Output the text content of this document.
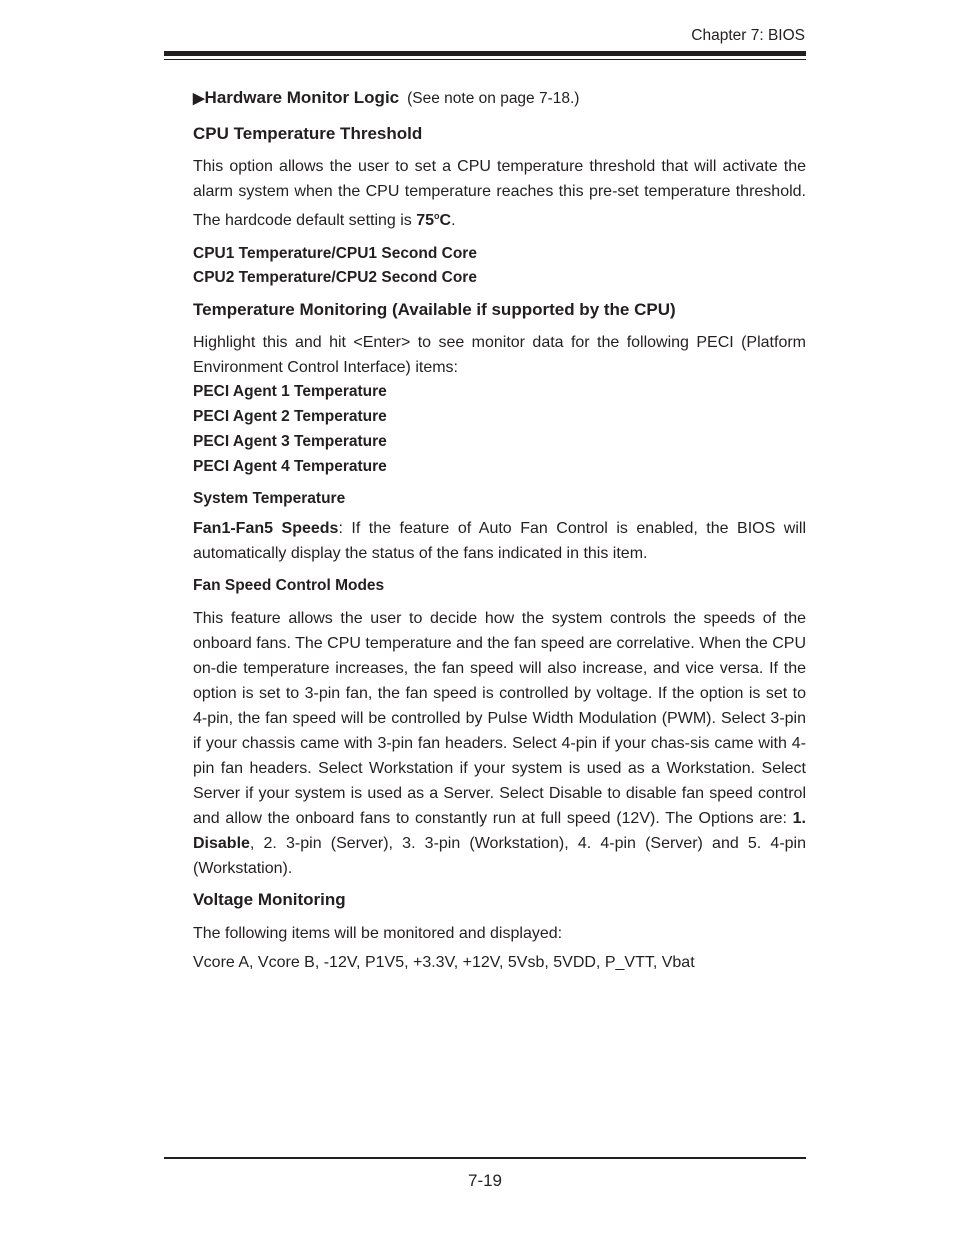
Chapter 7: BIOS
▶Hardware Monitor Logic (See note on page 7-18.)
CPU Temperature Threshold

This option allows the user to set a CPU temperature threshold that will activate the alarm system when the CPU temperature reaches this pre-set temperature threshold. The hardcode default setting is 75$^o$C.

CPU1 Temperature/CPU1 Second Core
CPU2 Temperature/CPU2 Second Core
Temperature Monitoring (Available if supported by the CPU)

Highlight this and hit <Enter> to see monitor data for the following PECI (Platform Environment Control Interface) items:

PECI Agent 1 Temperature
PECI Agent 2 Temperature
PECI Agent 3 Temperature
PECI Agent 4 Temperature
System Temperature

Fan1-Fan5 Speeds: If the feature of Auto Fan Control is enabled, the BIOS will automatically display the status of the fans indicated in this item.

Fan Speed Control Modes

This feature allows the user to decide how the system controls the speeds of the onboard fans. The CPU temperature and the fan speed are correlative. When the CPU on-die temperature increases, the fan speed will also increase, and vice versa. If the option is set to 3-pin fan, the fan speed is controlled by voltage. If the option is set to 4-pin, the fan speed will be controlled by Pulse Width Modulation (PWM). Select 3-pin if your chassis came with 3-pin fan headers. Select 4-pin if your chas-sis came with 4-pin fan headers. Select Workstation if your system is used as a Workstation. Select Server if your system is used as a Server. Select Disable to disable fan speed control and allow the onboard fans to constantly run at full speed (12V). The Options are: 1. Disable, 2. 3-pin (Server), 3. 3-pin (Workstation), 4. 4-pin (Server) and 5. 4-pin (Workstation).

Voltage Monitoring

The following items will be monitored and displayed:

Vcore A, Vcore B, -12V, P1V5, +3.3V, +12V, 5Vsb, 5VDD, P_VTT, Vbat

7-19
